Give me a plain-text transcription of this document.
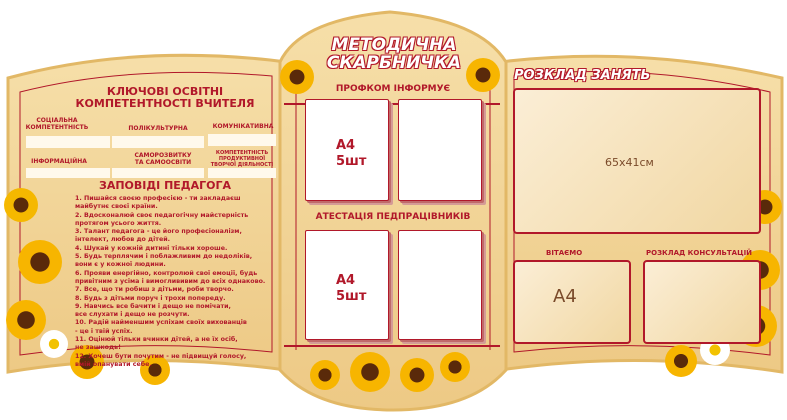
КЛЮЧОВІ ОСВІТНІ
КОМПЕТЕНТНОСТІ ВЧИТЕЛЯ
СОЦІАЛЬНА
КОМПЕТЕНТНІСТЬ	ПОЛІКУЛЬТУРНА	КОМУНІКАТИВНА
ІНФОРМАЦІЙНА
САМОРОЗВИТКУ
ТА САМООСВІТИ
КОМПЕТЕНТНІСТЬ
ПРОДУКТИВНОЇ ТВОРЧОЇ ДІЯЛЬНОСТІ
ЗАПОВІДІ ПЕДАГОГА
1. Пишайся своєю професією - ти закладаєш
майбутнє своєї країни.
2. Вдосконалюй своє педагогічну майстерність
протягом усього життя.
3. Талант педагога - це його професіоналізм,
інтелект, любов до дітей.
4. Шукай у кожній дитині тільки хороше.
5. Будь терплячим і поблажливим до недоліків,
вони є у кожної людини.
6. Прояви енергійно, контролюй свої емоції, будь
привітним з усіма і вимоглививим до всіх однаково.
7. Все, що ти робиш з дітьми, роби творчо.
8. Будь з дітьми поруч і трохи попереду.
9. Навчись все бачити і дещо не помічати,
все слухати і дещо не розчути.
10. Радій найменшим успіхам своїх вихованців
- це і твій успіх.
11. Оцінюй тільки вчинки дітей, а не їх осіб,
не зашкодь!
12. Хочеш бути почутим - не підвищуй голосу,
вмій опанувати себе.
МЕТОДИЧНА
СКАРБНИЧКА
ПРОФКОМ ІНФОРМУЄ
АТЕСТАЦІЯ ПЕДПРАЦІВНИКІВ
А4
5шт
А4
5шт
РОЗКЛАД ЗАНЯТЬ
65х41см
ВІТАЄМО
А4
РОЗКЛАД КОНСУЛЬТАЦІЙ
